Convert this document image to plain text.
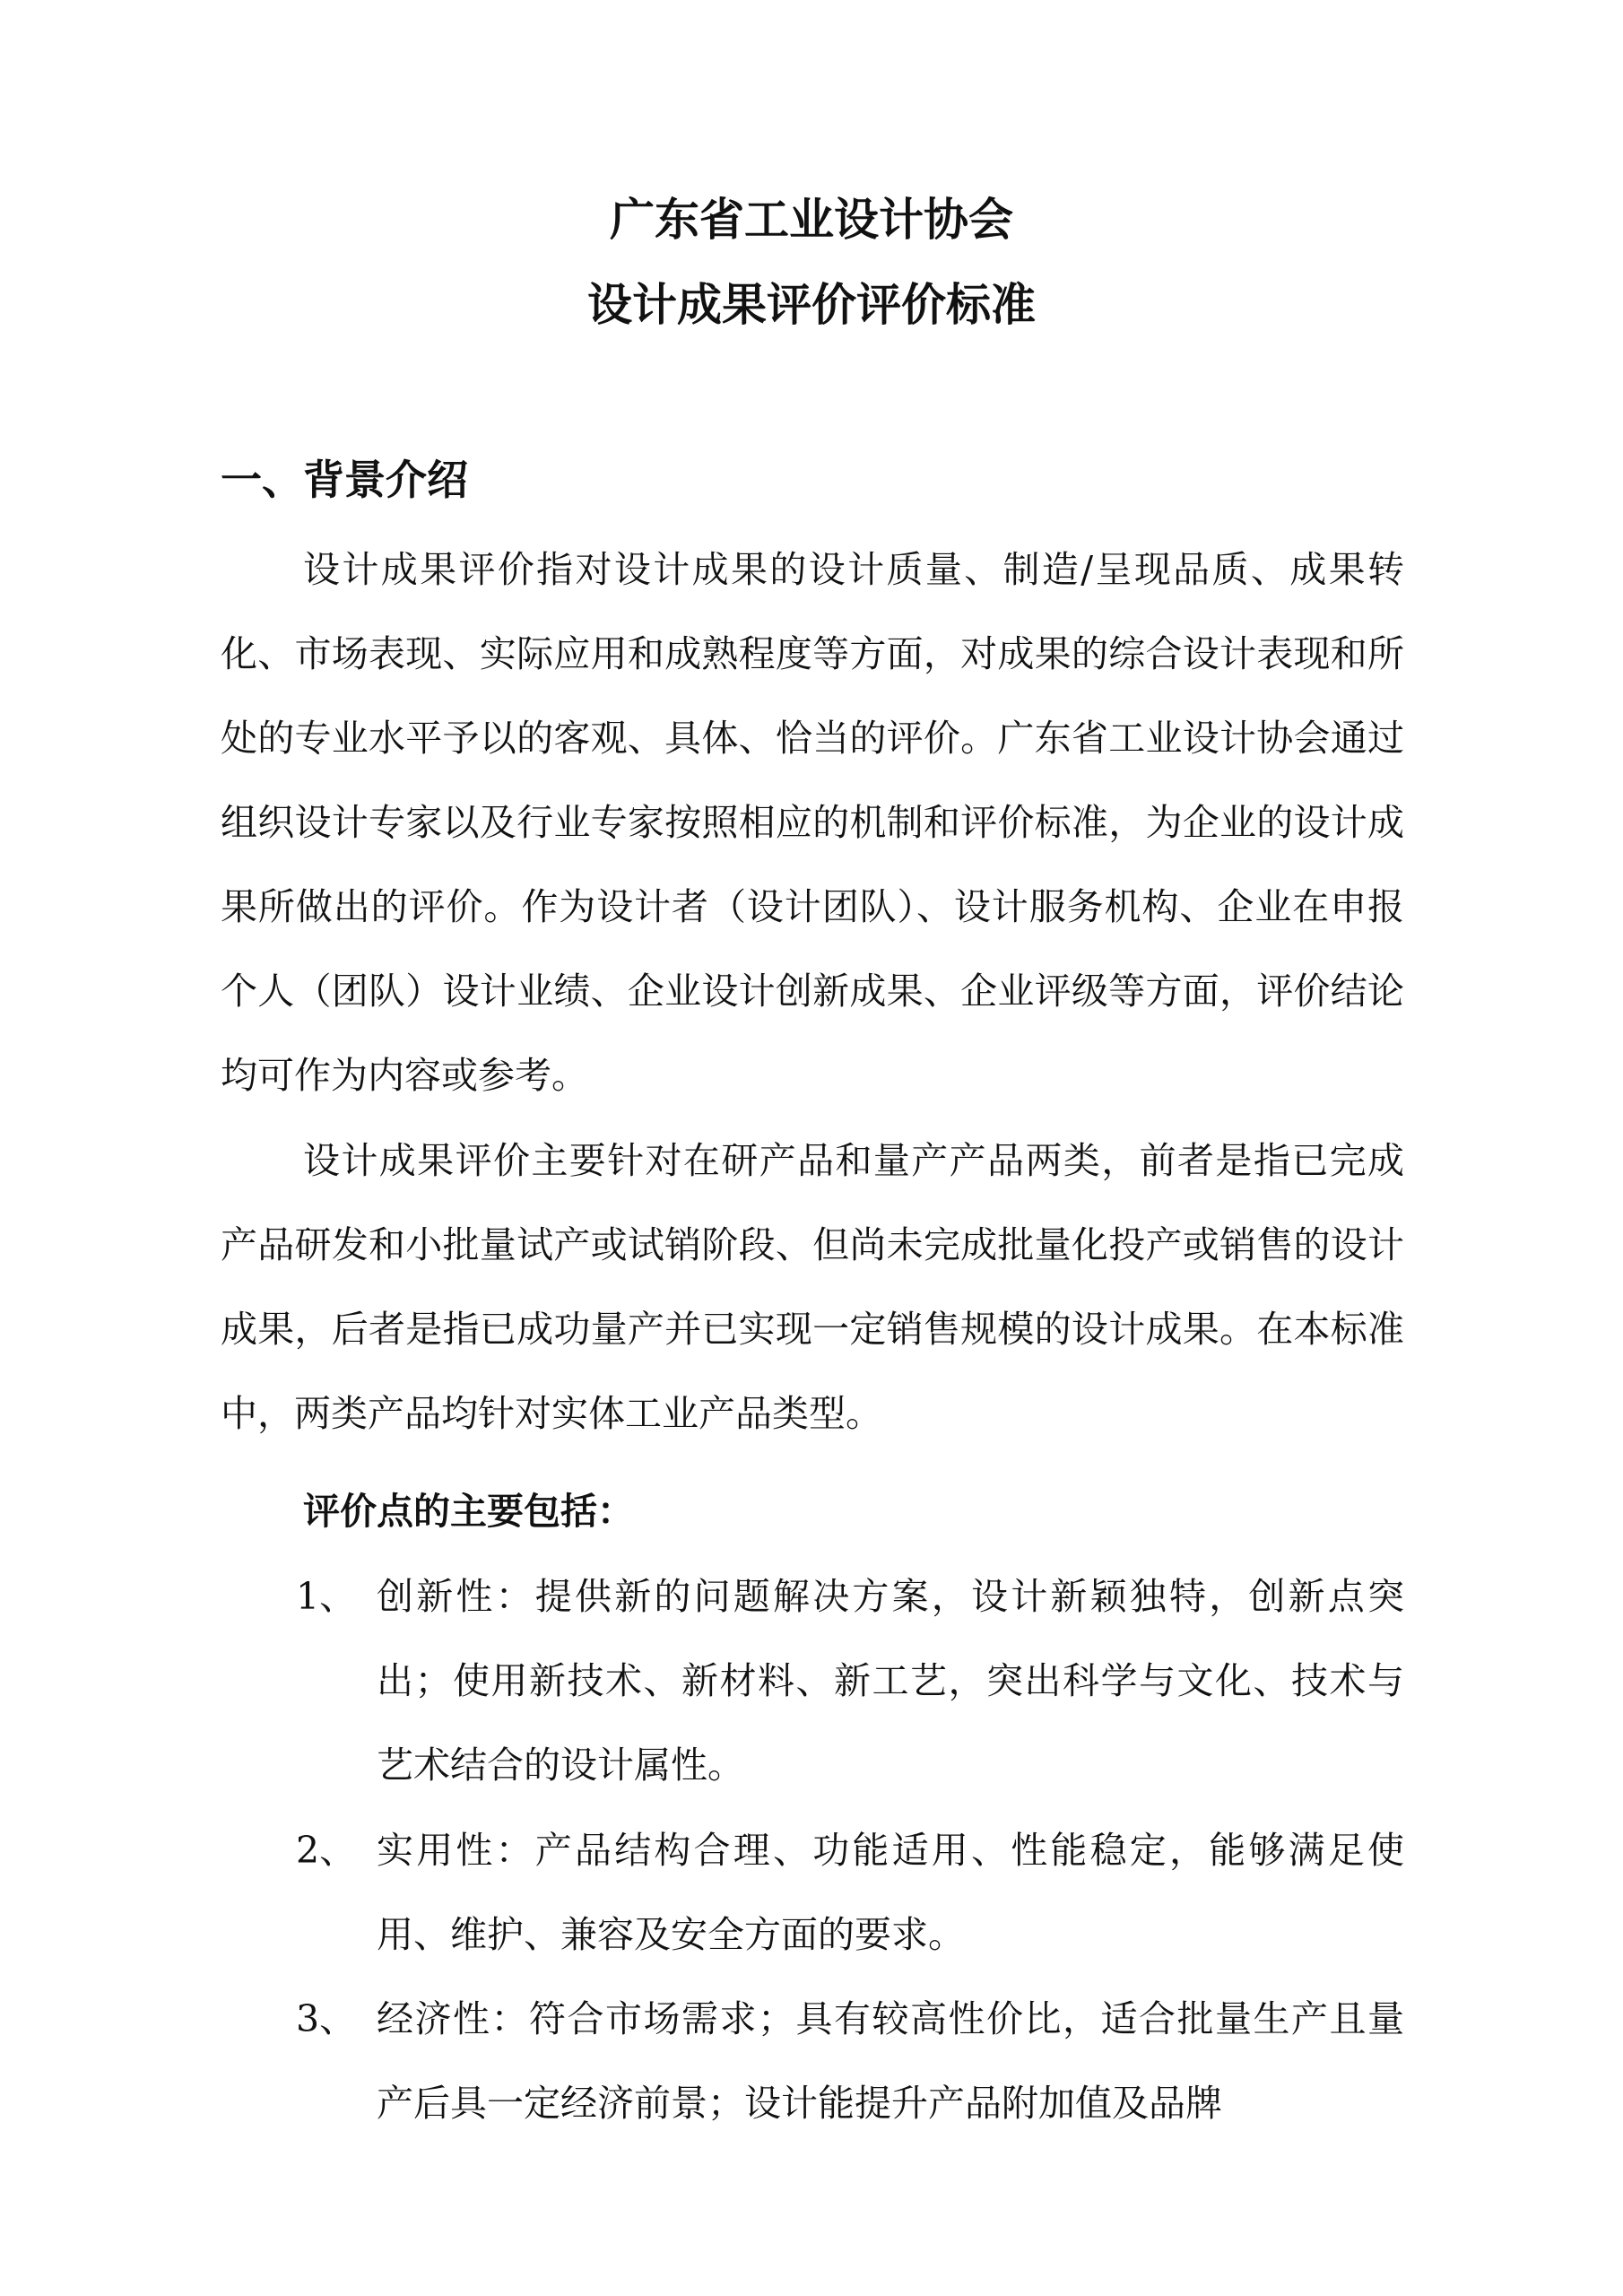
广东省工业设计协会
设计成果评价评价标准
一、背景介绍

设计成果评价指对设计成果的设计质量、制造/呈现品质、成果转化、市场表现、实际应用和成熟程度等方面，对成果的综合设计表现和所处的专业水平予以的客观、具体、恰当的评价。广东省工业设计协会通过组织设计专家以及行业专家按照相应的机制和评价标准，为企业的设计成果所做出的评价。作为设计者（设计团队）、设计服务机构、企业在申报个人（团队）设计业绩、企业设计创新成果、企业评级等方面，评价结论均可作为内容或参考。

设计成果评价主要针对在研产品和量产产品两类，前者是指已完成产品研发和小批量试产或试销阶段、但尚未完成批量化投产或销售的设计成果，后者是指已成功量产并已实现一定销售规模的设计成果。在本标准中，两类产品均针对实体工业产品类型。

评价点的主要包括：
1、 创新性：提供新的问题解决方案，设计新颖独特，创新点突出；使用新技术、新材料、新工艺，突出科学与文化、技术与艺术结合的设计属性。

2、 实用性：产品结构合理、功能适用、性能稳定，能够满足使用、维护、兼容及安全方面的要求。

3、 经济性：符合市场需求；具有较高性价比，适合批量生产且量产后具一定经济前景；设计能提升产品附加值及品牌
